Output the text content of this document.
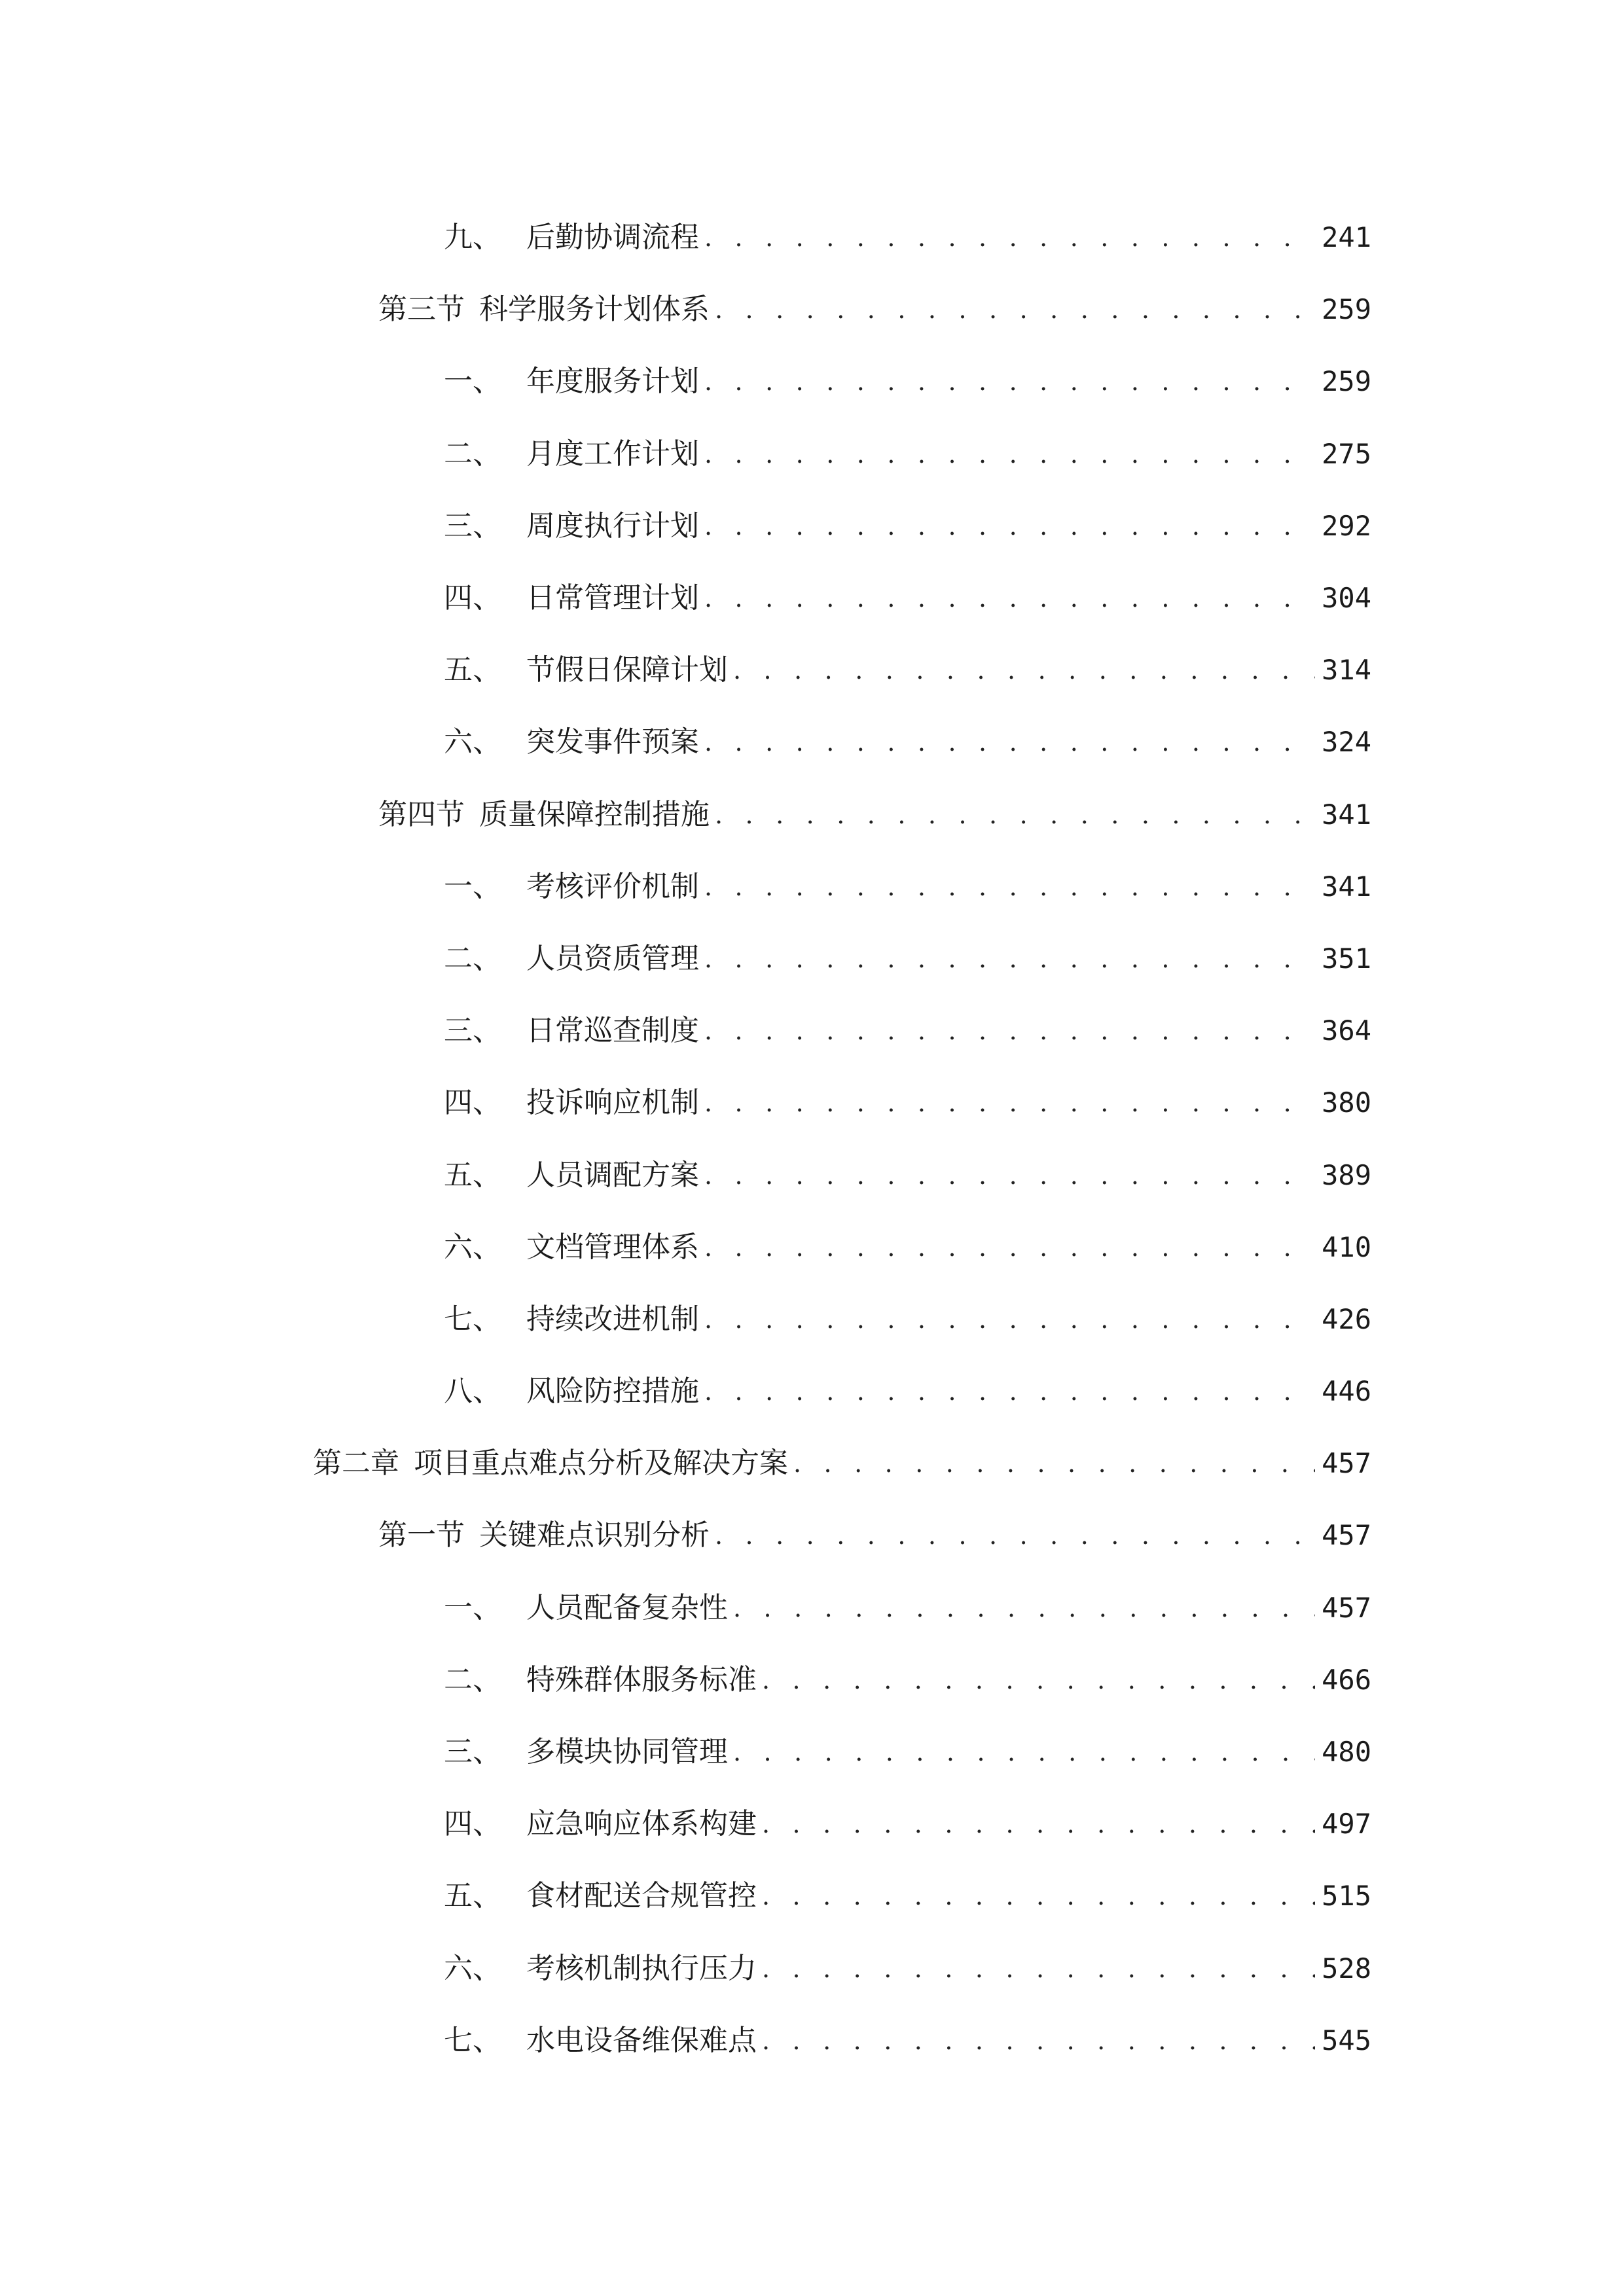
九、 后勤协调流程 . . .	241
第三节 科学服务计划体系 . . .	259
一、 年度服务计划 . . .	259
二、 月度工作计划 . . .	275
三、 周度执行计划 . . .	292
四、 日常管理计划 . . .	304
五、 节假日保障计划 . . .	314
六、 突发事件预案 . . .	324
第四节 质量保障控制措施 . . .	341
一、 考核评价机制 . . .	341
二、 人员资质管理 . . .	351
三、 日常巡查制度 . . .	364
四、 投诉响应机制 . . .	380
五、 人员调配方案 . . .	389
六、 文档管理体系 . . .	410
七、 持续改进机制 . . .	426
八、 风险防控措施 . . .	446
第二章 项目重点难点分析及解决方案 . . .	457
第一节 关键难点识别分析 . . .	457
一、 人员配备复杂性 . . .	457
二、 特殊群体服务标准 . . .	466
三、 多模块协同管理 . . .	480
四、 应急响应体系构建 . . .	497
五、 食材配送合规管控 . . .	515
六、 考核机制执行压力 . . .	528
七、 水电设备维保难点 . . .	545
